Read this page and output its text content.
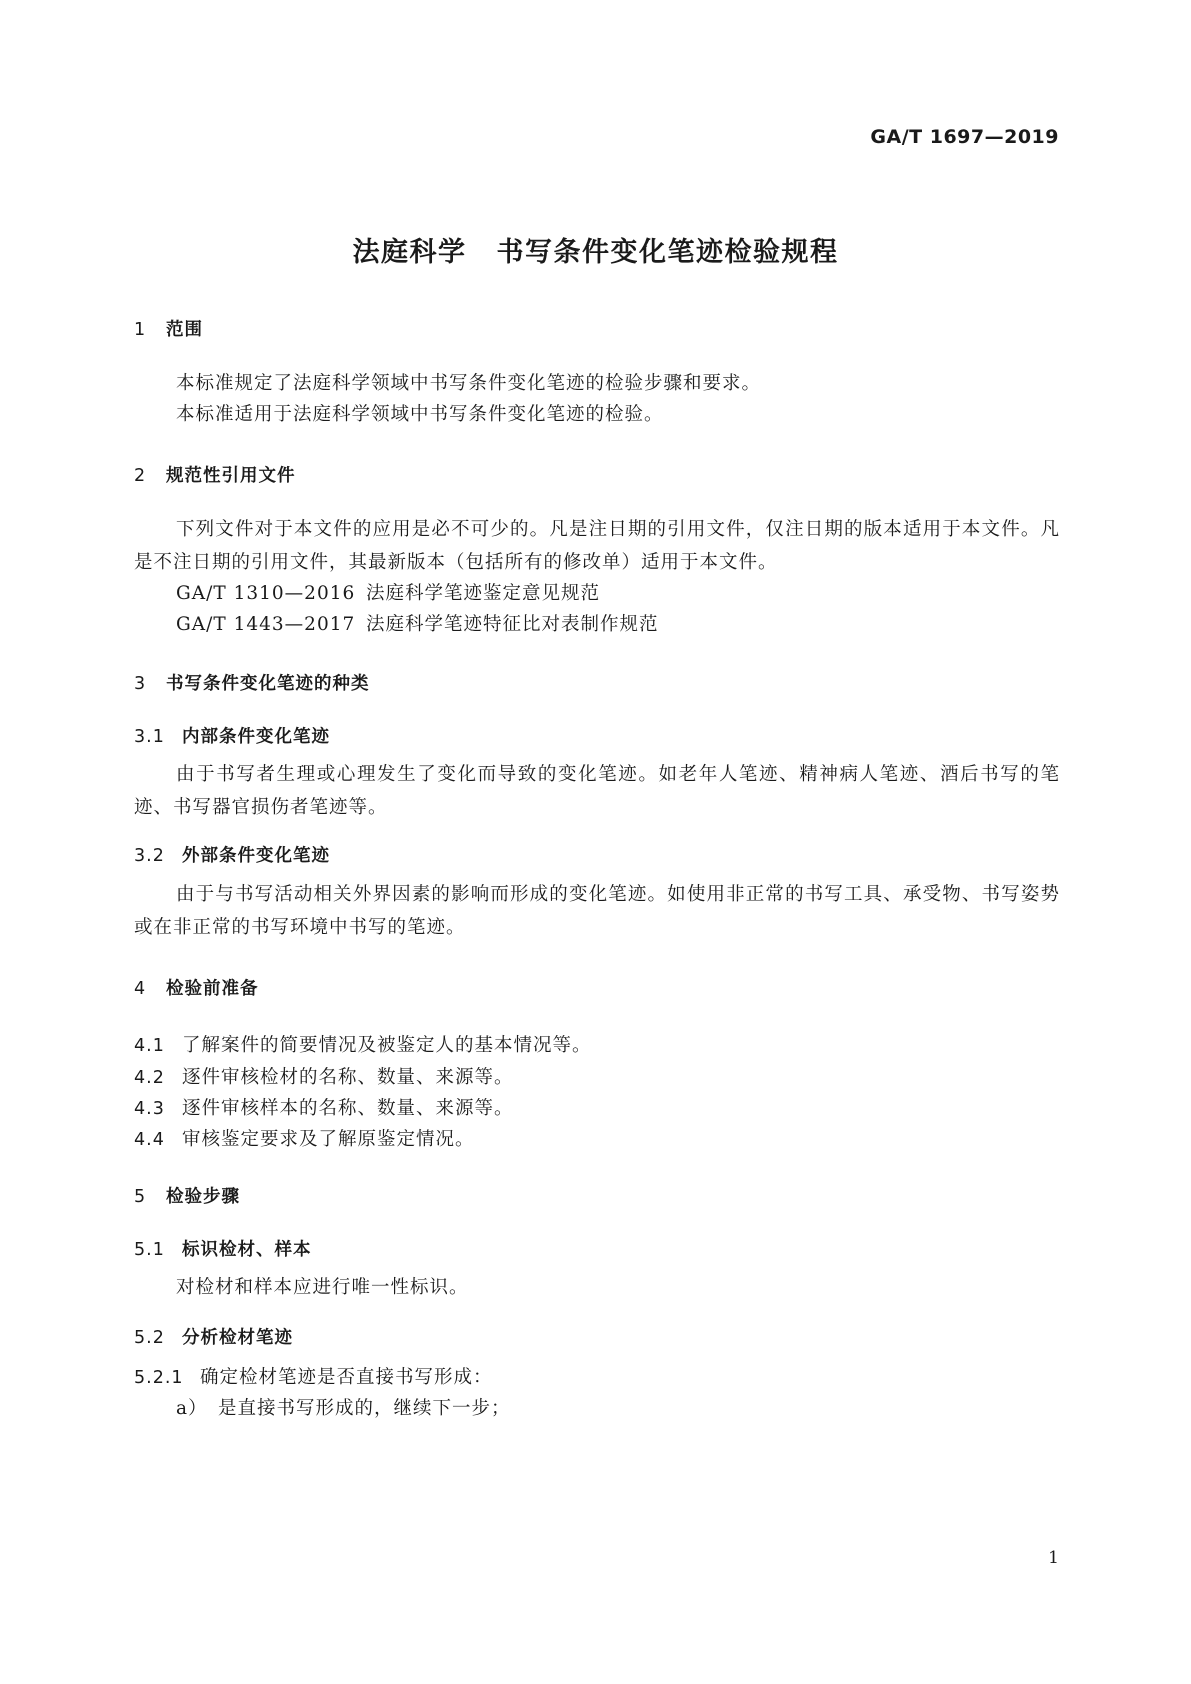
GA/T 1697—2019
法庭科学 书写条件变化笔迹检验规程
1 范围
本标准规定了法庭科学领域中书写条件变化笔迹的检验步骤和要求。
本标准适用于法庭科学领域中书写条件变化笔迹的检验。
2 规范性引用文件
下列文件对于本文件的应用是必不可少的。凡是注日期的引用文件，仅注日期的版本适用于本文件。凡是不注日期的引用文件，其最新版本（包括所有的修改单）适用于本文件。
GA/T 1310—2016 法庭科学笔迹鉴定意见规范
GA/T 1443—2017 法庭科学笔迹特征比对表制作规范
3 书写条件变化笔迹的种类
3.1 内部条件变化笔迹
由于书写者生理或心理发生了变化而导致的变化笔迹。如老年人笔迹、精神病人笔迹、酒后书写的笔迹、书写器官损伤者笔迹等。
3.2 外部条件变化笔迹
由于与书写活动相关外界因素的影响而形成的变化笔迹。如使用非正常的书写工具、承受物、书写姿势或在非正常的书写环境中书写的笔迹。
4 检验前准备
4.1 了解案件的简要情况及被鉴定人的基本情况等。
4.2 逐件审核检材的名称、数量、来源等。
4.3 逐件审核样本的名称、数量、来源等。
4.4 审核鉴定要求及了解原鉴定情况。
5 检验步骤
5.1 标识检材、样本
对检材和样本应进行唯一性标识。
5.2 分析检材笔迹
5.2.1 确定检材笔迹是否直接书写形成：
a） 是直接书写形成的，继续下一步；
1
